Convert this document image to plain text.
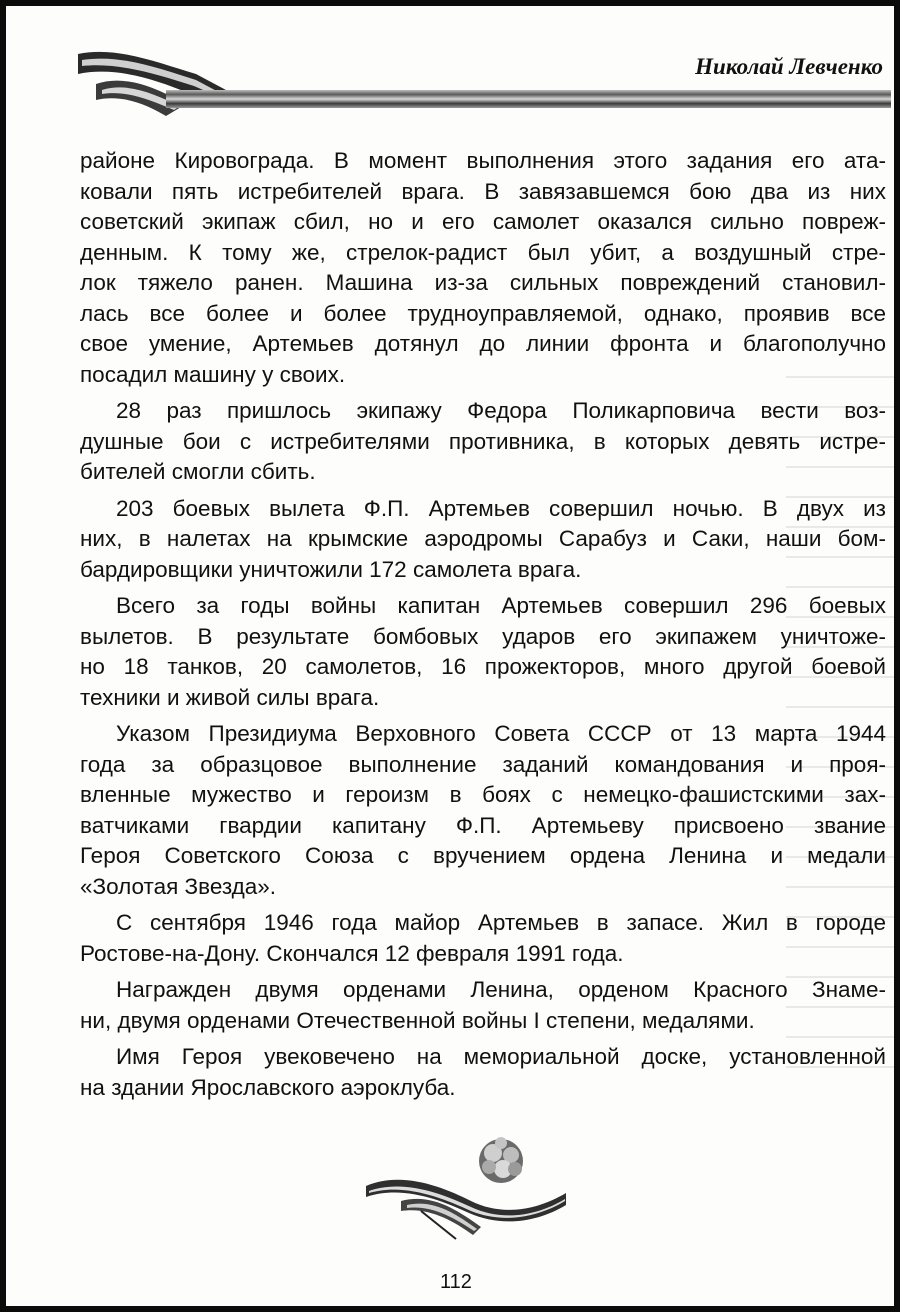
Николай Левченко

районе Кировограда. В момент выполнения этого задания его ата-
ковали пять истребителей врага. В завязавшемся бою два из них
советский экипаж сбил, но и его самолет оказался сильно повреж-
денным. К тому же, стрелок-радист был убит, а воздушный стре-
лок тяжело ранен. Машина из-за сильных повреждений становил-
лась все более и более трудноуправляемой, однако, проявив все
свое умение, Артемьев дотянул до линии фронта и благополучно
посадил машину у своих.

28 раз пришлось экипажу Федора Поликарповича вести воз-
душные бои с истребителями противника, в которых девять истре-
бителей смогли сбить.

203 боевых вылета Ф.П. Артемьев совершил ночью. В двух из
них, в налетах на крымские аэродромы Сарабуз и Саки, наши бом-
бардировщики уничтожили 172 самолета врага.

Всего за годы войны капитан Артемьев совершил 296 боевых
вылетов. В результате бомбовых ударов его экипажем уничтоже-
но 18 танков, 20 самолетов, 16 прожекторов, много другой боевой
техники и живой силы врага.

Указом Президиума Верховного Совета СССР от 13 марта 1944
года за образцовое выполнение заданий командования и проя-
вленные мужество и героизм в боях с немецко-фашистскими зах-
ватчиками гвардии капитану Ф.П. Артемьеву присвоено звание
Героя Советского Союза с вручением ордена Ленина и медали
«Золотая Звезда».

С сентября 1946 года майор Артемьев в запасе. Жил в городе
Ростове-на-Дону. Скончался 12 февраля 1991 года.

Награжден двумя орденами Ленина, орденом Красного Знаме-
ни, двумя орденами Отечественной войны I степени, медалями.

Имя Героя увековечено на мемориальной доске, установленной
на здании Ярославского аэроклуба.

112
